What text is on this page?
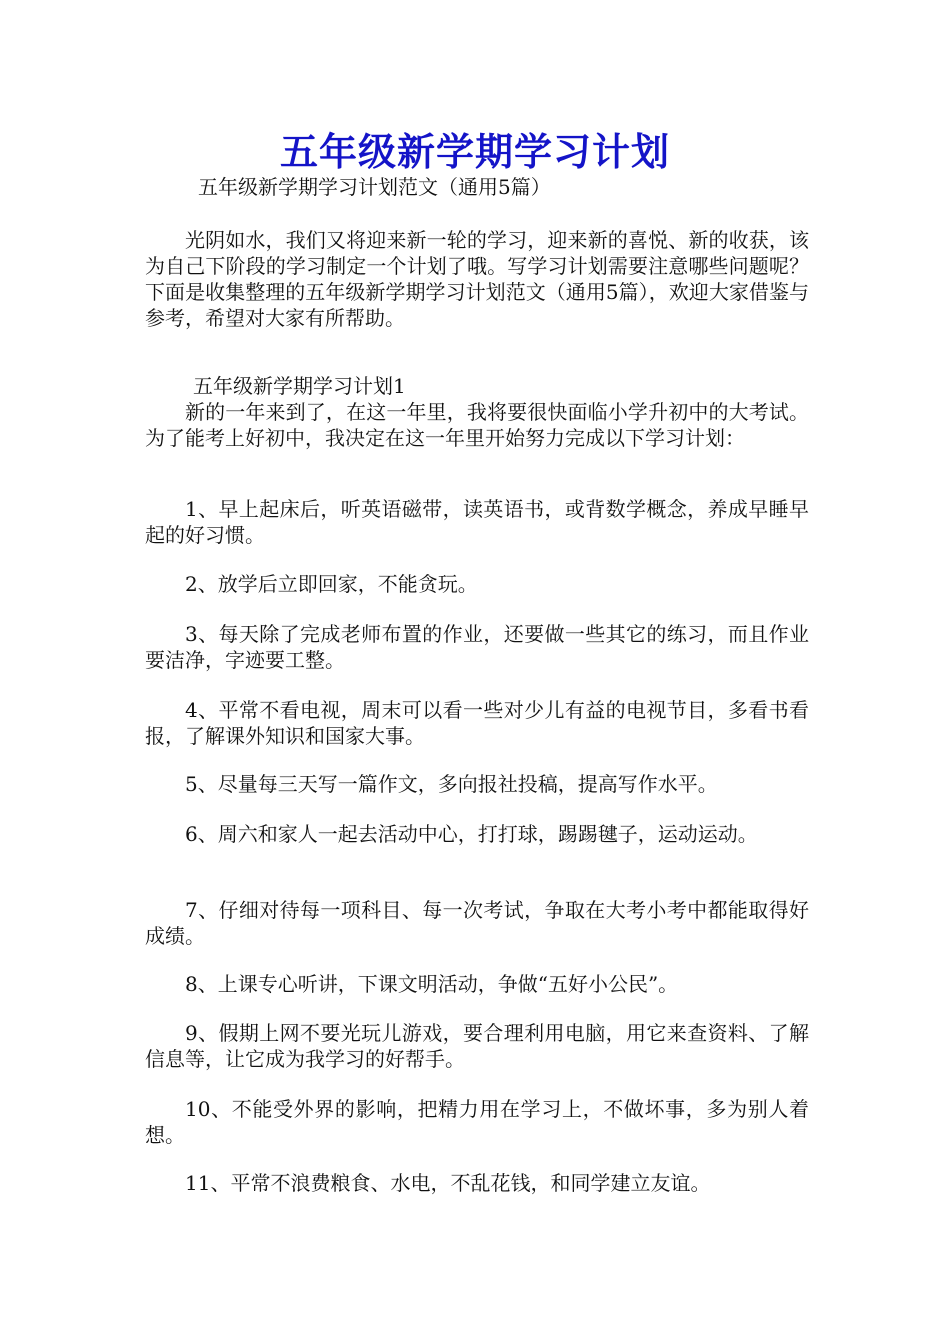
五年级新学期学习计划
五年级新学期学习计划范文（通用5篇）
光阴如水，我们又将迎来新一轮的学习，迎来新的喜悦、新的收获，该为自己下阶段的学习制定一个计划了哦。写学习计划需要注意哪些问题呢？下面是收集整理的五年级新学期学习计划范文（通用5篇），欢迎大家借鉴与参考，希望对大家有所帮助。
五年级新学期学习计划1
新的一年来到了，在这一年里，我将要很快面临小学升初中的大考试。为了能考上好初中，我决定在这一年里开始努力完成以下学习计划：
1、早上起床后，听英语磁带，读英语书，或背数学概念，养成早睡早起的好习惯。
2、放学后立即回家，不能贪玩。
3、每天除了完成老师布置的作业，还要做一些其它的练习，而且作业要洁净，字迹要工整。
4、平常不看电视，周末可以看一些对少儿有益的电视节目，多看书看报，了解课外知识和国家大事。
5、尽量每三天写一篇作文，多向报社投稿，提高写作水平。
6、周六和家人一起去活动中心，打打球，踢踢毽子，运动运动。
7、仔细对待每一项科目、每一次考试，争取在大考小考中都能取得好成绩。
8、上课专心听讲，下课文明活动，争做“五好小公民”。
9、假期上网不要光玩儿游戏，要合理利用电脑，用它来查资料、了解信息等，让它成为我学习的好帮手。
10、不能受外界的影响，把精力用在学习上，不做坏事，多为别人着想。
11、平常不浪费粮食、水电，不乱花钱，和同学建立友谊。
